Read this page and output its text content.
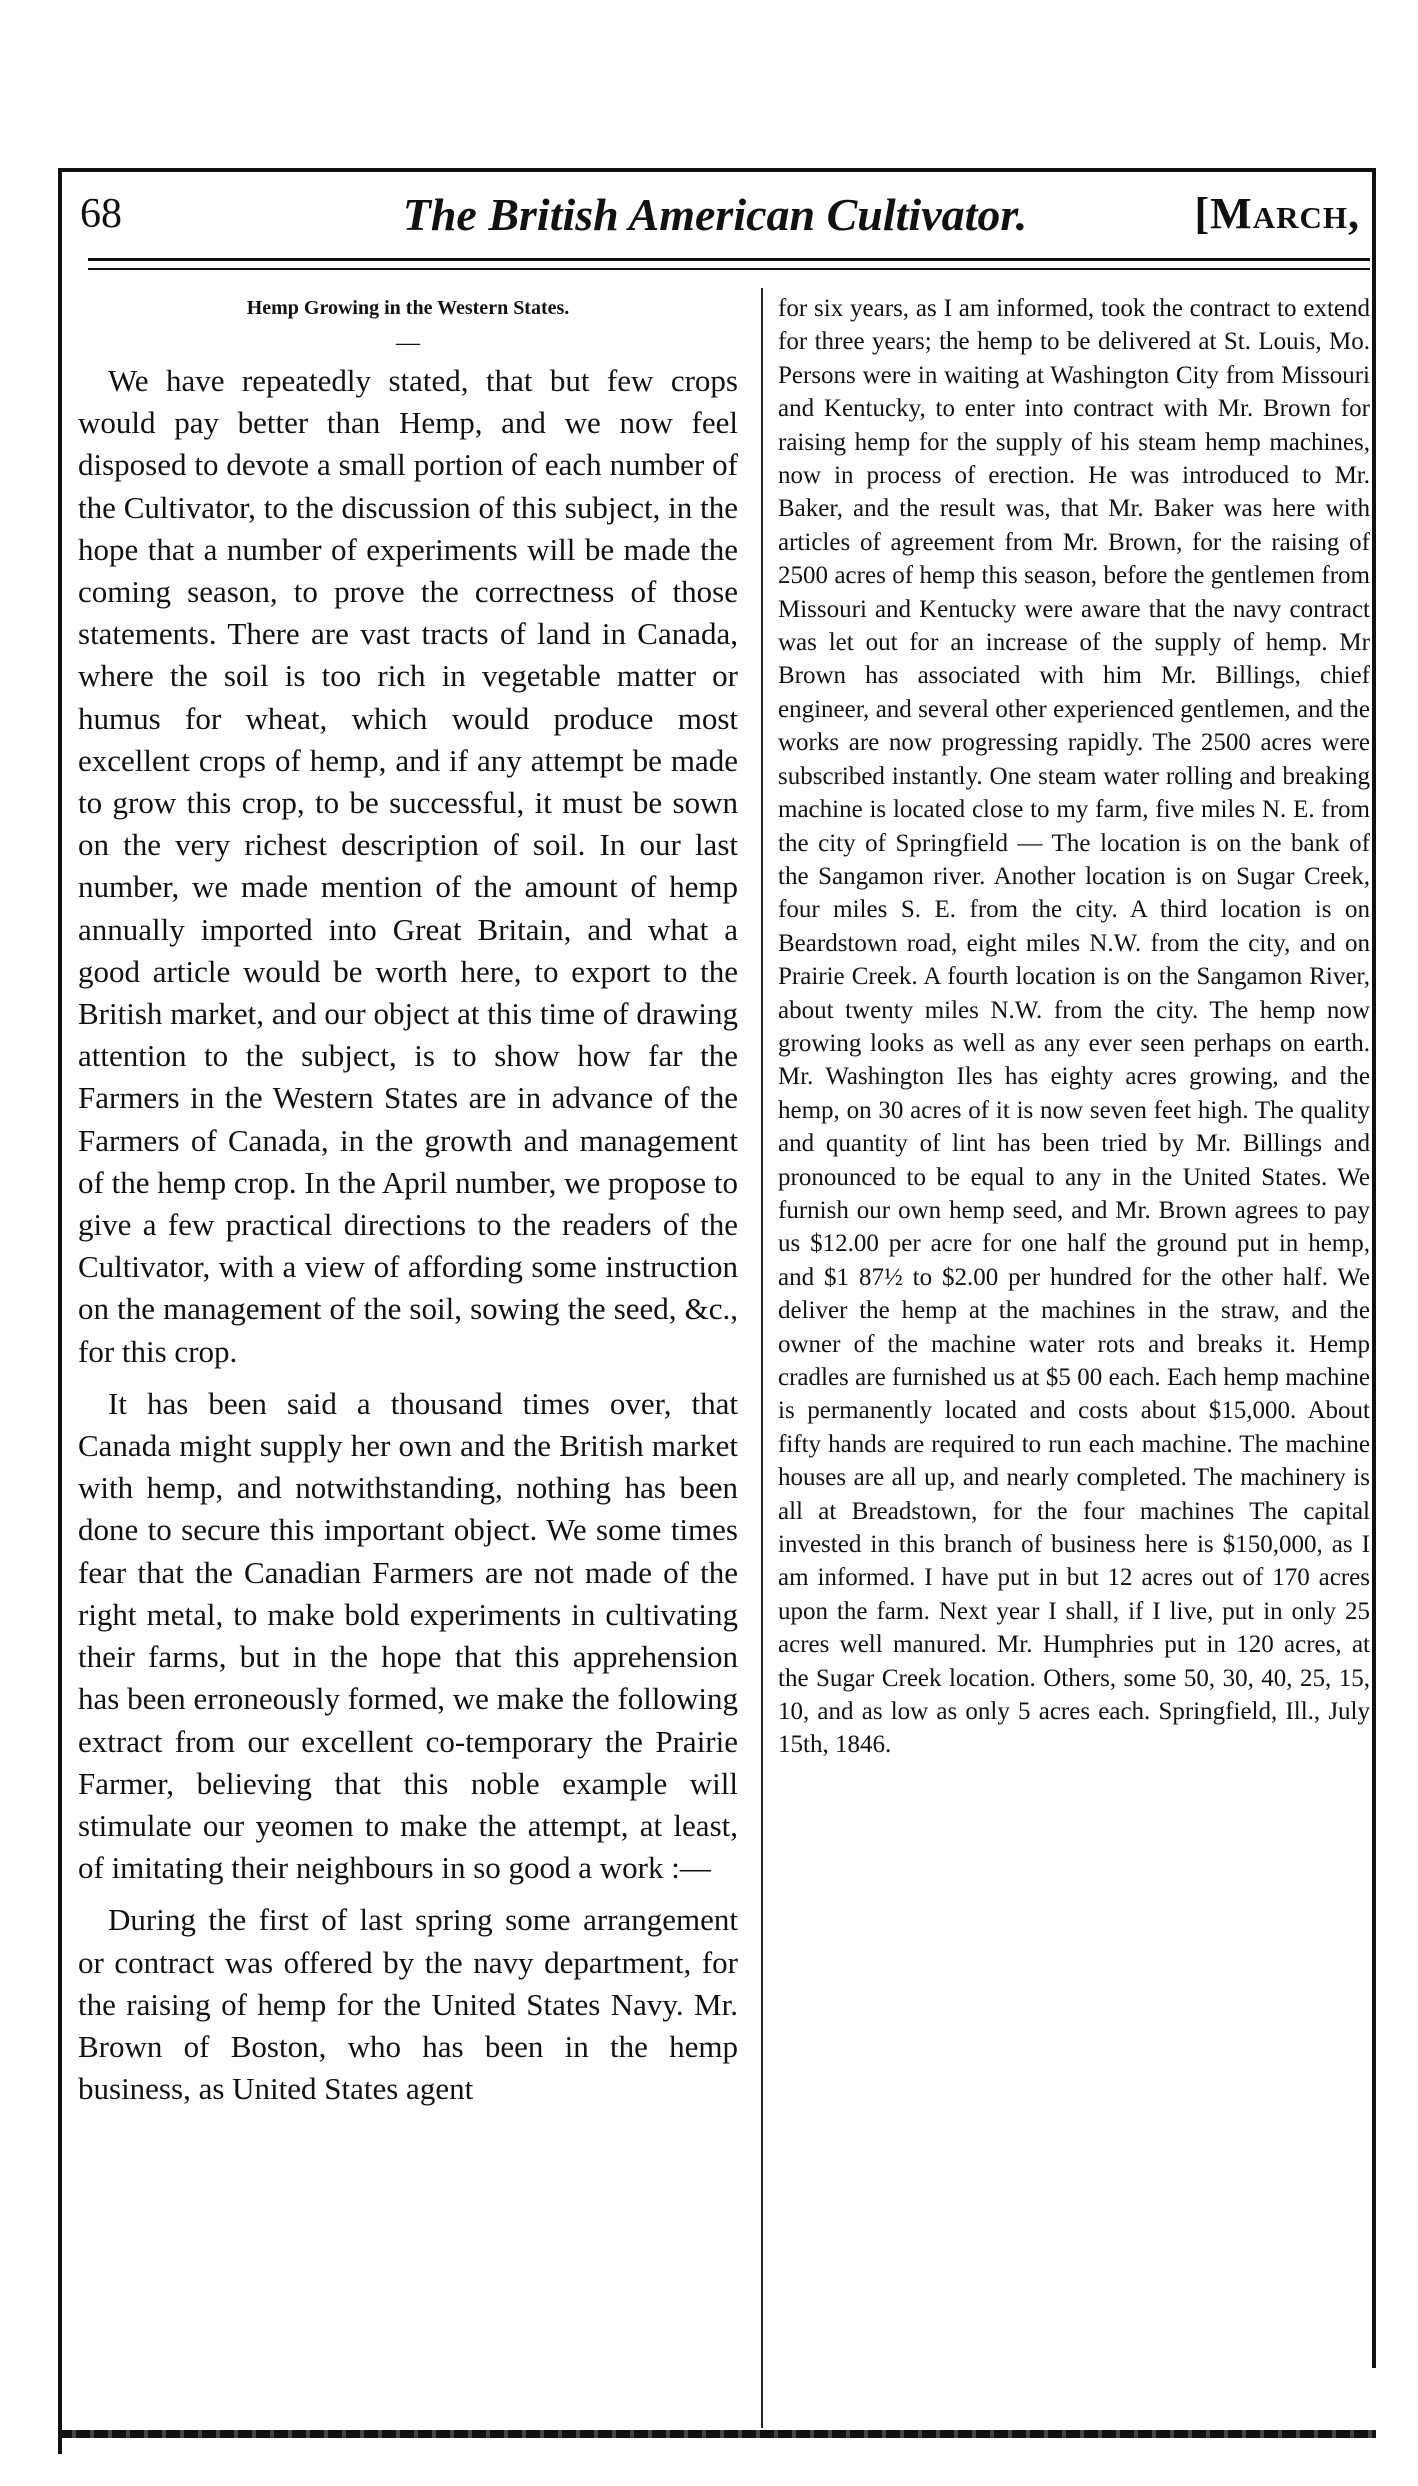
68	The British American Cultivator.	[March,
Hemp Growing in the Western States.
—

We have repeatedly stated, that but few crops would pay better than Hemp, and we now feel disposed to devote a small portion of each number of the Cultivator, to the discussion of this subject, in the hope that a number of experiments will be made the coming season, to prove the correctness of those statements. There are vast tracts of land in Canada, where the soil is too rich in vegetable matter or humus for wheat, which would produce most excellent crops of hemp, and if any attempt be made to grow this crop, to be successful, it must be sown on the very richest description of soil. In our last number, we made mention of the amount of hemp annually imported into Great Britain, and what a good article would be worth here, to export to the British market, and our object at this time of drawing attention to the subject, is to show how far the Farmers in the Western States are in advance of the Farmers of Canada, in the growth and management of the hemp crop. In the April number, we propose to give a few practical directions to the readers of the Cultivator, with a view of affording some instruction on the management of the soil, sowing the seed, &c., for this crop.

It has been said a thousand times over, that Canada might supply her own and the British market with hemp, and notwithstanding, nothing has been done to secure this important object. We some times fear that the Canadian Farmers are not made of the right metal, to make bold experiments in cultivating their farms, but in the hope that this apprehension has been erroneously formed, we make the following extract from our excellent co-temporary the Prairie Farmer, believing that this noble example will stimulate our yeomen to make the attempt, at least, of imitating their neighbours in so good a work :—

During the first of last spring some arrangement or contract was offered by the navy department, for the raising of hemp for the United States Navy. Mr. Brown of Boston, who has been in the hemp business, as United States agent

for six years, as I am informed, took the contract to extend for three years; the hemp to be delivered at St. Louis, Mo. Persons were in waiting at Washington City from Missouri and Kentucky, to enter into contract with Mr. Brown for raising hemp for the supply of his steam hemp machines, now in process of erection. He was introduced to Mr. Baker, and the result was, that Mr. Baker was here with articles of agreement from Mr. Brown, for the raising of 2500 acres of hemp this season, before the gentlemen from Missouri and Kentucky were aware that the navy contract was let out for an increase of the supply of hemp. Mr Brown has associated with him Mr. Billings, chief engineer, and several other experienced gentlemen, and the works are now progressing rapidly. The 2500 acres were subscribed instantly. One steam water rolling and breaking machine is located close to my farm, five miles N. E. from the city of Springfield — The location is on the bank of the Sangamon river. Another location is on Sugar Creek, four miles S. E. from the city. A third location is on Beardstown road, eight miles N.W. from the city, and on Prairie Creek. A fourth location is on the Sangamon River, about twenty miles N.W. from the city. The hemp now growing looks as well as any ever seen perhaps on earth. Mr. Washington Iles has eighty acres growing, and the hemp, on 30 acres of it is now seven feet high. The quality and quantity of lint has been tried by Mr. Billings and pronounced to be equal to any in the United States. We furnish our own hemp seed, and Mr. Brown agrees to pay us $12.00 per acre for one half the ground put in hemp, and $1 87½ to $2.00 per hundred for the other half. We deliver the hemp at the machines in the straw, and the owner of the machine water rots and breaks it. Hemp cradles are furnished us at $5 00 each. Each hemp machine is permanently located and costs about $15,000. About fifty hands are required to run each machine. The machine houses are all up, and nearly completed. The machinery is all at Breadstown, for the four machines The capital invested in this branch of business here is $150,000, as I am informed. I have put in but 12 acres out of 170 acres upon the farm. Next year I shall, if I live, put in only 25 acres well manured. Mr. Humphries put in 120 acres, at the Sugar Creek location. Others, some 50, 30, 40, 25, 15, 10, and as low as only 5 acres each. Springfield, Ill., July 15th, 1846.
